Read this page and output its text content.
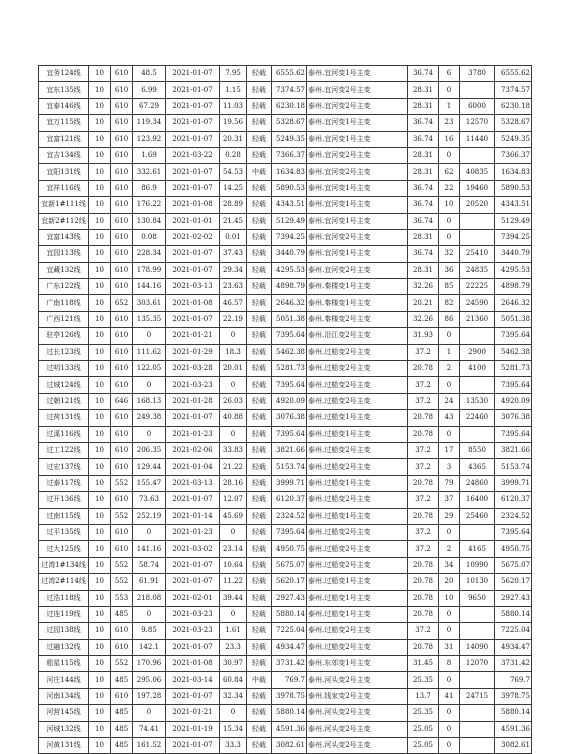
宜务124线	10	610	48.5	2021-01-07	7.95	轻载	6555.62	泰州.宜河变1号主变	36.74	6	3780	6555.62
宜东135线	10	610	6.99	2021-01-07	1.15	轻载	7374.57	泰州.宜河变2号主变	28.31	0		7374.57
宜泰146线	10	610	67.29	2021-01-07	11.03	轻载	6230.18	泰州.宜河变2号主变	28.31	1	6000	6230.18
宜万115线	10	610	119.34	2021-01-07	19.56	轻载	5328.67	泰州.宜河变1号主变	36.74	23	12570	5328.67
宜富121线	10	610	123.92	2021-01-07	20.31	轻载	5249.35	泰州.宜河变1号主变	36.74	16	11440	5249.35
宜吉134线	10	610	1.69	2021-03-22	0.28	轻载	7366.37	泰州.宜河变2号主变	28.31	0		7366.37
宜阳131线	10	610	332.61	2021-01-07	54.53	中载	1634.83	泰州.宜河变2号主变	28.31	62	40835	1634.83
宜祥116线	10	610	86.9	2021-01-07	14.25	轻载	5890.53	泰州.宜河变1号主变	36.74	22	19460	5890.53
宜新1#111线	10	610	176.22	2021-01-08	28.89	轻载	4343.51	泰州.宜河变1号主变	36.74	10	20520	4343.51
宜新2#112线	10	610	130.84	2021-01-01	21.45	轻载	5129.49	泰州.宜河变1号主变	36.74	0		5129.49
宜富143线	10	610	0.08	2021-02-02	0.01	轻载	7394.25	泰州.宜河变2号主变	28.31	0		7394.25
宜园113线	10	610	228.34	2021-01-07	37.43	轻载	3440.79	泰州.宜河变1号主变	36.74	32	25410	3440.79
宜藏132线	10	610	178.99	2021-01-07	29.34	轻载	4295.53	泰州.宜河变2号主变	28.31	36	24835	4295.53
广东122线	10	610	144.16	2021-03-13	23.63	轻载	4898.79	泰州.秦楼变1号主变	32.26	85	22225	4898.79
广南118线	10	652	303.61	2021-01-08	46.57	轻载	2646.32	泰州.秦楼变1号主变	20.21	82	24590	2646.32
广西121线	10	610	135.35	2021-01-07	22.19	轻载	5051.38	泰州.秦楼变2号主变	32.26	86	21360	5051.38
驻亭126线	10	610	0	2021-01-21	0	轻载	7395.64	泰州.沿江变2号主变	31.93	0		7395.64
过长123线	10	610	111.62	2021-01-29	18.3	轻载	5462.38	泰州.过船变2号主变	37.2	1	2900	5462.38
过明133线	10	610	122.05	2021-03-28	20.01	轻载	5281.73	泰州.过船变2号主变	20.78	2	4100	5281.73
过城124线	10	610	0	2021-03-23	0	轻载	7395.64	泰州.过船变2号主变	37.2	0		7395.64
过朝121线	10	646	168.13	2021-01-28	26.03	轻载	4920.09	泰州.过船变2号主变	37.2	24	13530	4920.09
过荷131线	10	610	249.38	2021-01-07	40.88	轻载	3076.38	泰州.过船变1号主变	20.78	43	22460	3076.38
过溪116线	10	610	0	2021-01-23	0	轻载	7395.64	泰州.过船变1号主变	20.78	0		7395.64
过工122线	10	610	206.35	2021-02-06	33.83	轻载	3821.66	泰州.过船变2号主变	37.2	17	8550	3821.66
过宏137线	10	610	129.44	2021-01-04	21.22	轻载	5153.74	泰州.过船变2号主变	37.2	3	4365	5153.74
过泰117线	10	552	155.47	2021-03-13	28.16	轻载	3999.71	泰州.过船变1号主变	20.78	79	24860	3999.71
过开136线	10	610	73.63	2021-01-07	12.07	轻载	6120.37	泰州.过船变2号主变	37.2	37	16400	6120.37
过南115线	10	552	252.19	2021-01-14	45.69	轻载	2324.52	泰州.过船变1号主变	20.78	29	25460	2324.52
过平135线	10	610	0	2021-01-23	0	轻载	7395.64	泰州.过船变2号主变	37.2	0		7395.64
过大125线	10	610	141.16	2021-03-02	23.14	轻载	4950.75	泰州.过船变2号主变	37.2	2	4165	4950.75
过湾1#134线	10	552	58.74	2021-01-07	10.64	轻载	5675.07	泰州.过船变2号主变	20.78	34	10990	5675.07
过湾2#114线	10	552	61.91	2021-01-07	11.22	轻载	5620.17	泰州.过船变1号主变	20.78	20	10130	5620.17
过浩118线	10	553	218.08	2021-02-01	39.44	轻载	2927.43	泰州.过船变1号主变	20.78	10	9650	2927.43
过连119线	10	485	0	2021-03-23	0	轻载	5880.14	泰州.过船变1号主变	20.78	0		5880.14
过园138线	10	610	9.85	2021-03-23	1.61	轻载	7225.04	泰州.过船变2号主变	37.2	0		7225.04
过融132线	10	610	142.1	2021-01-07	23.3	轻载	4934.47	泰州.过船变2号主变	20.78	31	14090	4934.47
船星115线	10	552	170.96	2021-01-08	30.97	轻载	3731.42	泰州.东郊变1号主变	31.45	8	12070	3731.42
河庄144线	10	485	295.06	2021-03-14	60.84	中载	769.7	泰州.河头变2号主变	25.35	0		769.7
河南134线	10	610	197.28	2021-01-07	32.34	轻载	3978.75	泰州.钱家变2号主变	13.7	41	24715	3978.75
河营145线	10	485	0	2021-01-21	0	轻载	5880.14	泰州.河头变2号主变	25.35	0		5880.14
河城132线	10	485	74.41	2021-01-19	15.34	轻载	4591.36	泰州.河头变2号主变	25.05	0		4591.36
河黄131线	10	485	161.52	2021-01-07	33.3	轻载	3082.61	泰州.河头变2号主变	25.05	0		3082.61
